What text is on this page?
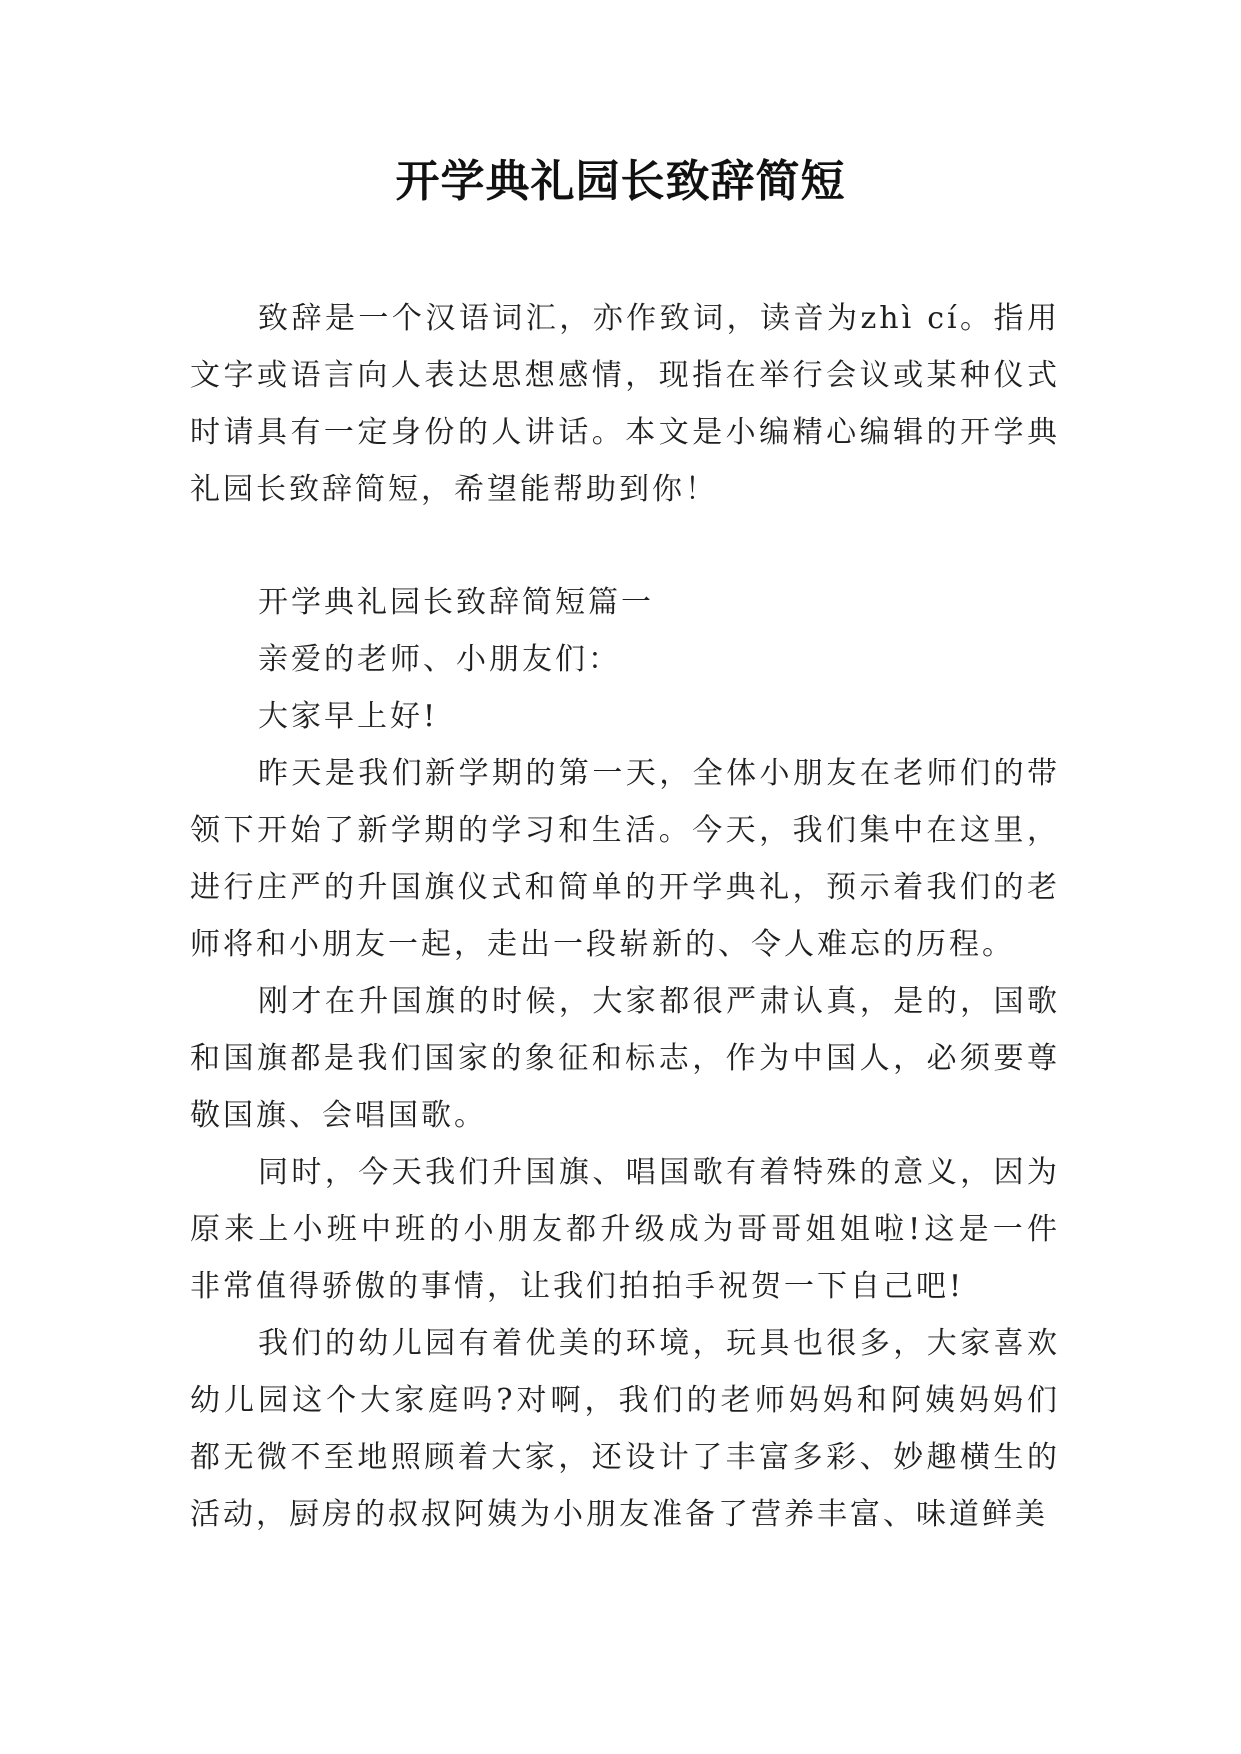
开学典礼园长致辞简短

致辞是一个汉语词汇，亦作致词，读音为zhì cí。指用文字或语言向人表达思想感情，现指在举行会议或某种仪式时请具有一定身份的人讲话。本文是小编精心编辑的开学典礼园长致辞简短，希望能帮助到你！

开学典礼园长致辞简短篇一

亲爱的老师、小朋友们：

大家早上好!

昨天是我们新学期的第一天，全体小朋友在老师们的带领下开始了新学期的学习和生活。今天，我们集中在这里，进行庄严的升国旗仪式和简单的开学典礼，预示着我们的老师将和小朋友一起，走出一段崭新的、令人难忘的历程。

刚才在升国旗的时候，大家都很严肃认真，是的，国歌和国旗都是我们国家的象征和标志，作为中国人，必须要尊敬国旗、会唱国歌。

同时，今天我们升国旗、唱国歌有着特殊的意义，因为原来上小班中班的小朋友都升级成为哥哥姐姐啦!这是一件非常值得骄傲的事情，让我们拍拍手祝贺一下自己吧!

我们的幼儿园有着优美的环境，玩具也很多，大家喜欢幼儿园这个大家庭吗?对啊，我们的老师妈妈和阿姨妈妈们都无微不至地照顾着大家，还设计了丰富多彩、妙趣横生的活动，厨房的叔叔阿姨为小朋友准备了营养丰富、味道鲜美
